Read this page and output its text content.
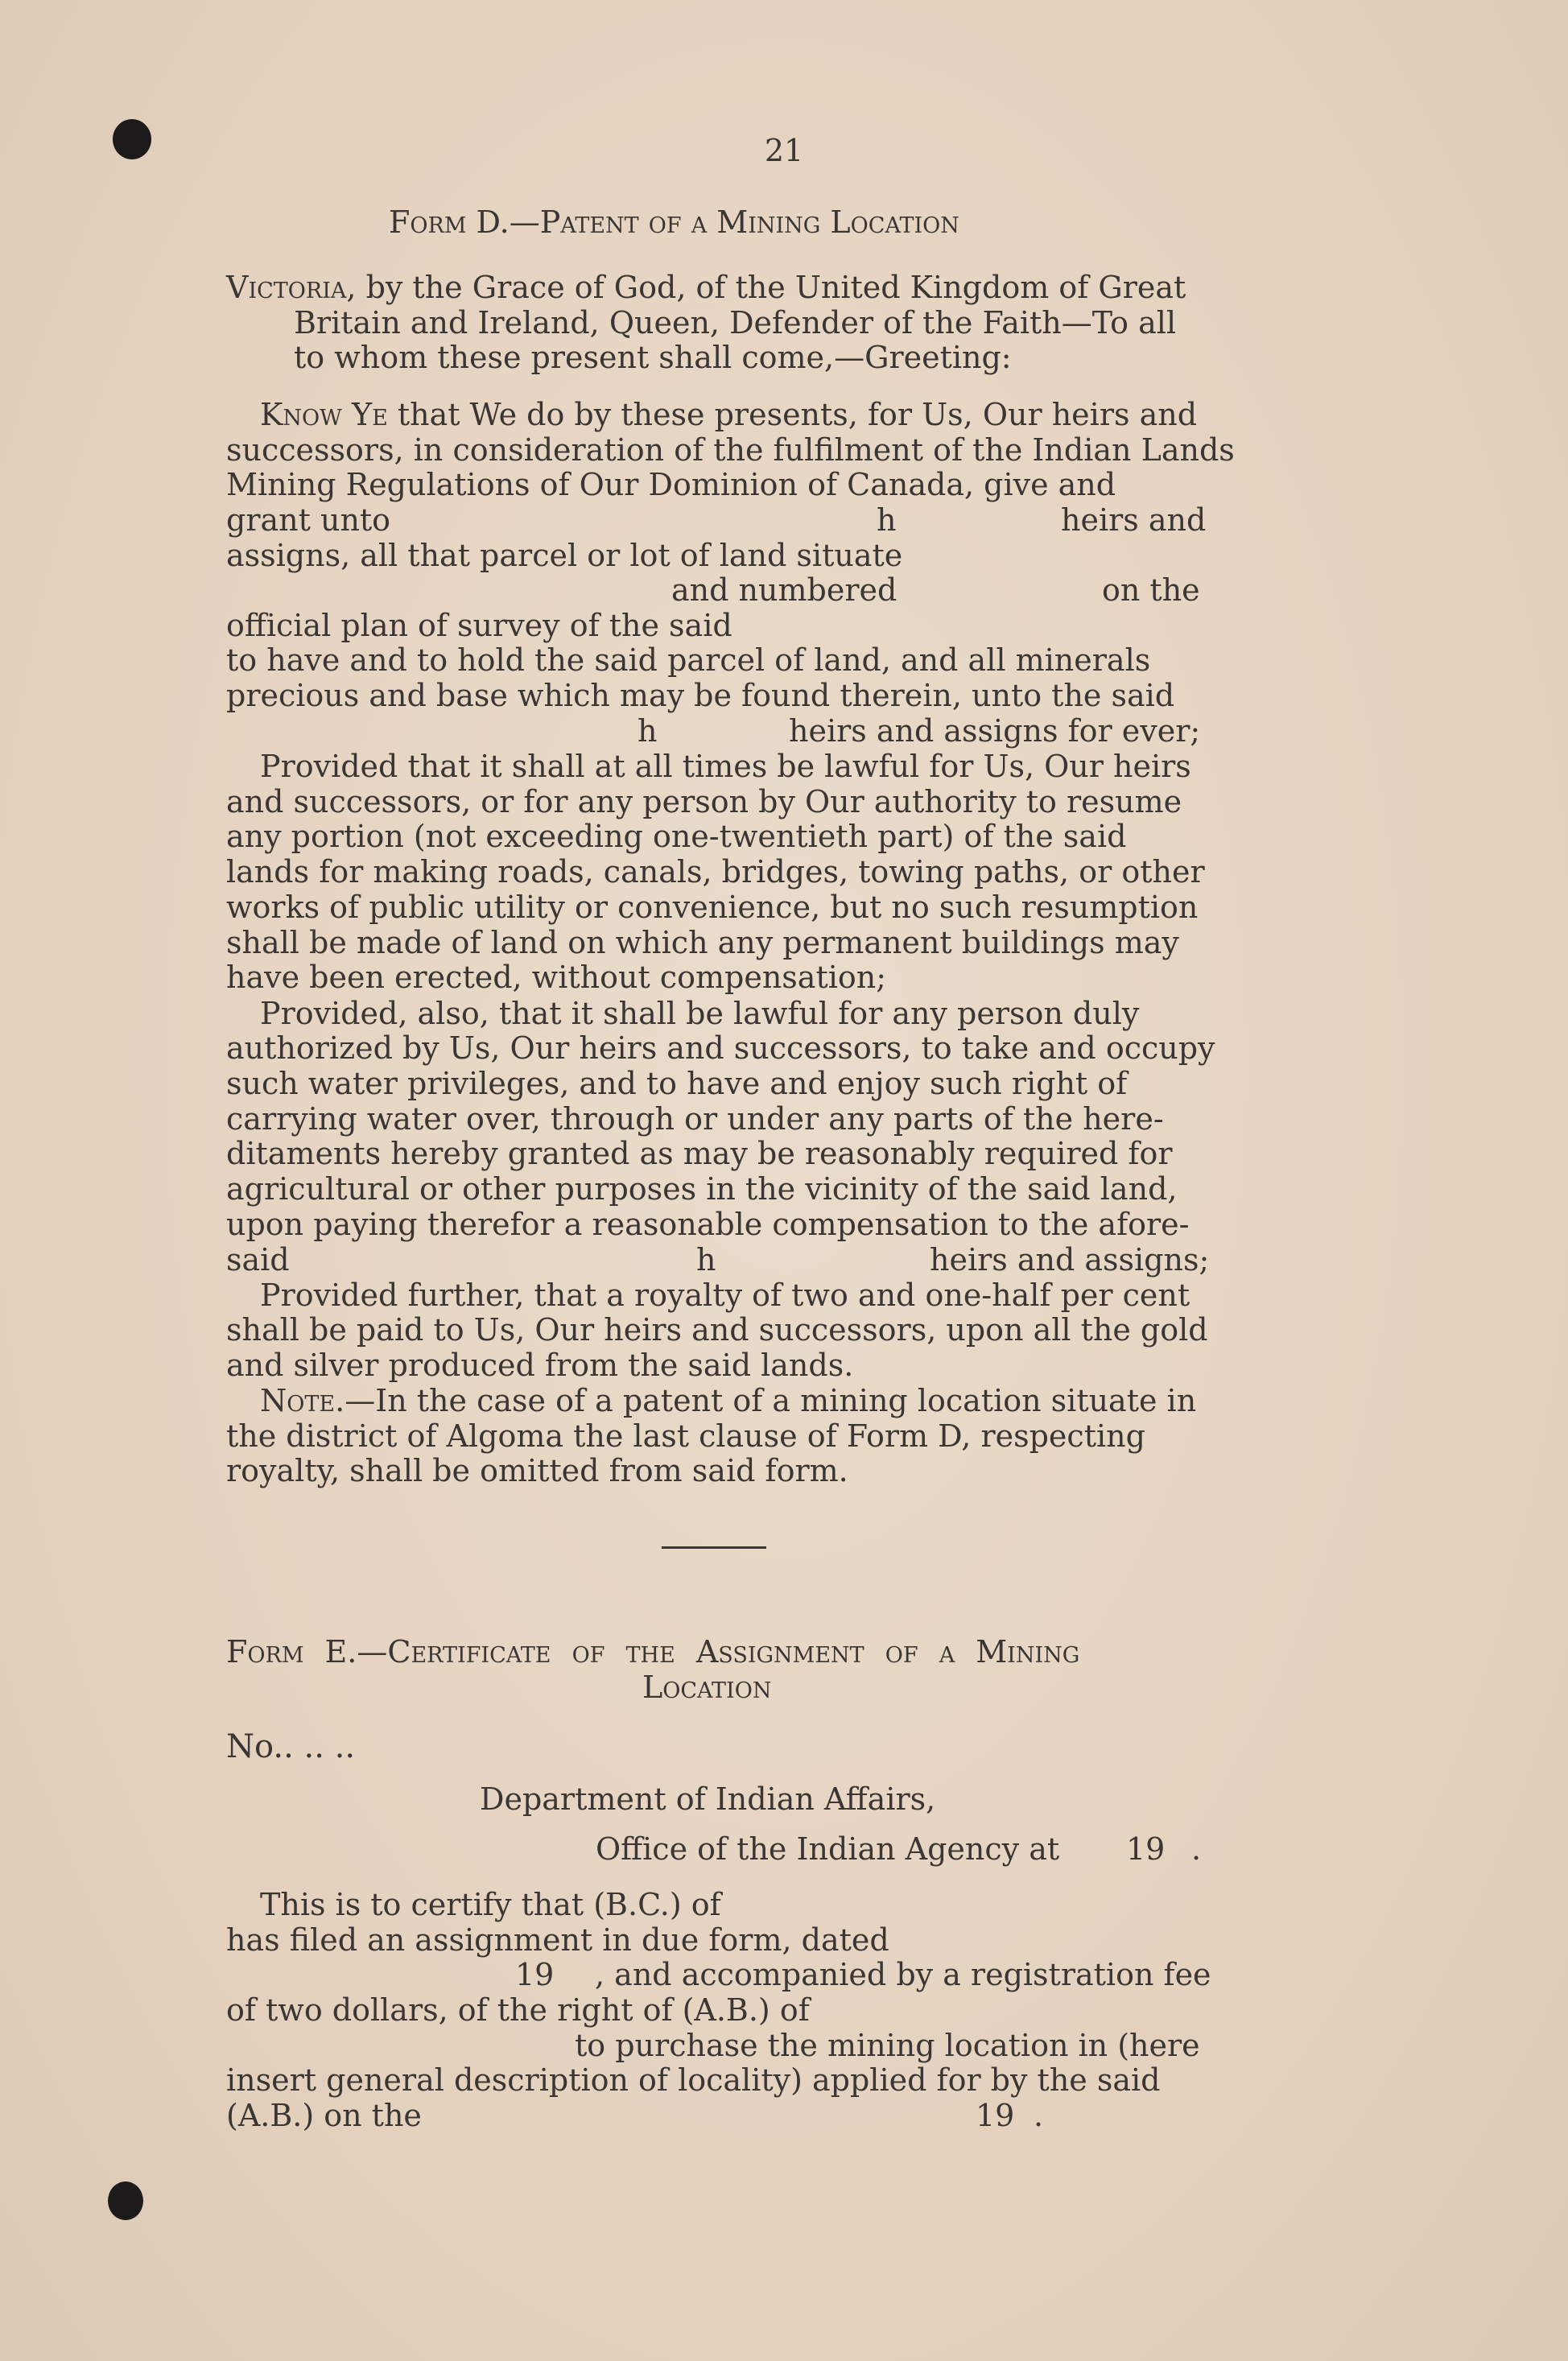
21
Form D.—Patent of a Mining Location
Victoria, by the Grace of God, of the United Kingdom of Great
Britain and Ireland, Queen, Defender of the Faith—To all
to whom these present shall come,—Greeting:
Know Ye that We do by these presents, for Us, Our heirs and
successors, in consideration of the fulfilment of the Indian Lands
Mining Regulations of Our Dominion of Canada, give and
grant unto	h	heirs and
assigns, all that parcel or lot of land situate
and numbered	on the
official plan of survey of the said
to have and to hold the said parcel of land, and all minerals
precious and base which may be found therein, unto the said
h	heirs and assigns for ever;
Provided that it shall at all times be lawful for Us, Our heirs
and successors, or for any person by Our authority to resume
any portion (not exceeding one-twentieth part) of the said
lands for making roads, canals, bridges, towing paths, or other
works of public utility or convenience, but no such resumption
shall be made of land on which any permanent buildings may
have been erected, without compensation;
Provided, also, that it shall be lawful for any person duly
authorized by Us, Our heirs and successors, to take and occupy
such water privileges, and to have and enjoy such right of
carrying water over, through or under any parts of the here-
ditaments hereby granted as may be reasonably required for
agricultural or other purposes in the vicinity of the said land,
upon paying therefor a reasonable compensation to the afore-
said	h	heirs and assigns;
Provided further, that a royalty of two and one-half per cent
shall be paid to Us, Our heirs and successors, upon all the gold
and silver produced from the said lands.
Note.—In the case of a patent of a mining location situate in
the district of Algoma the last clause of Form D, respecting
royalty, shall be omitted from said form.
Form E.—Certificate of the Assignment of a Mining
Location
No.. .. ..
Department of Indian Affairs,
Office of the Indian Agency at 19 .
This is to certify that (B.C.) of
has filed an assignment in due form, dated
19 , and accompanied by a registration fee
of two dollars, of the right of (A.B.) of
to purchase the mining location in (here
insert general description of locality) applied for by the said
(A.B.) on the	19 .
